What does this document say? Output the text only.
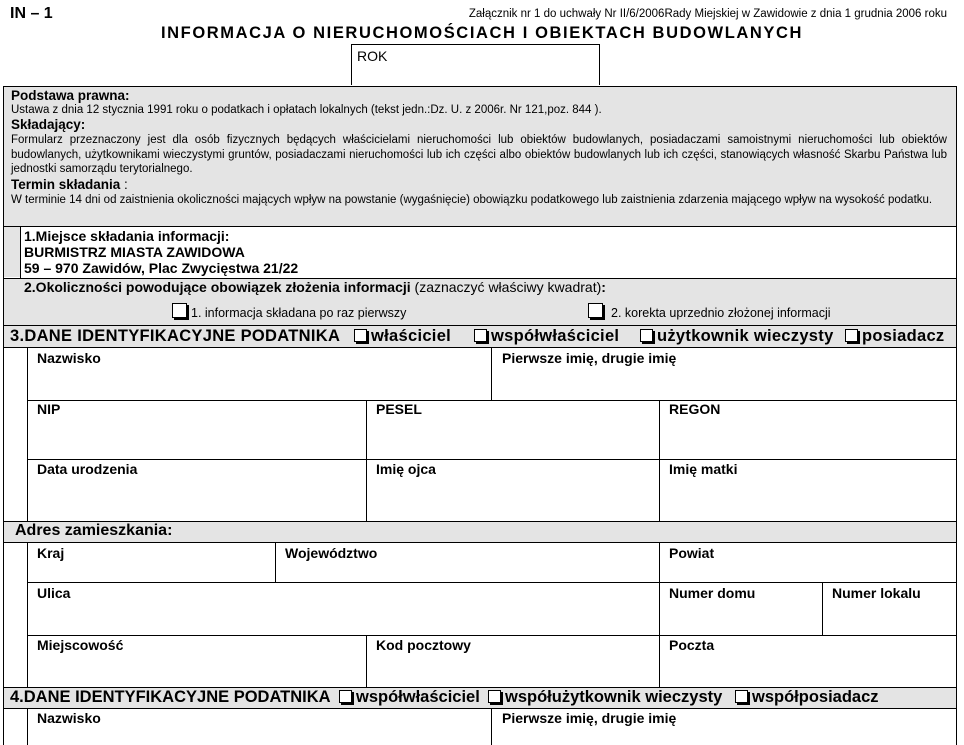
IN – 1	Załącznik nr 1 do uchwały Nr II/6/2006Rady Miejskiej w Zawidowie z dnia 1 grudnia 2006 roku
INFORMACJA O NIERUCHOMOŚCIACH I OBIEKTACH BUDOWLANYCH
ROK
Podstawa prawna:
Ustawa z dnia 12 stycznia 1991 roku o podatkach i opłatach lokalnych (tekst jedn.:Dz. U. z 2006r. Nr 121,poz. 844 ).
Składający:
Formularz przeznaczony jest dla osób fizycznych będących właścicielami nieruchomości lub obiektów budowlanych, posiadaczami samoistnymi nieruchomości lub obiektów budowlanych, użytkownikami wieczystymi gruntów, posiadaczami nieruchomości lub ich części albo obiektów budowlanych lub ich części, stanowiących własność Skarbu Państwa lub jednostki samorządu terytorialnego.
Termin składania :
W terminie 14 dni od zaistnienia okoliczności mających wpływ na powstanie (wygaśnięcie) obowiązku podatkowego lub zaistnienia zdarzenia mającego wpływ na wysokość podatku.
1.Miejsce składania informacji:
BURMISTRZ MIASTA ZAWIDOWA
59 – 970 Zawidów, Plac Zwycięstwa 21/22
2.Okoliczności powodujące obowiązek złożenia informacji (zaznaczyć właściwy kwadrat):
1. informacja składana po raz pierwszy	2. korekta uprzednio złożonej informacji
3.DANE IDENTYFIKACYJNE PODATNIKA	właściciel	współwłaściciel	użytkownik wieczysty	posiadacz
Nazwisko	Pierwsze imię, drugie imię
NIP	PESEL	REGON
Data urodzenia	Imię ojca	Imię matki
Adres zamieszkania:
Kraj	Województwo	Powiat
Ulica	Numer domu	Numer lokalu
Miejscowość	Kod pocztowy	Poczta
4.DANE IDENTYFIKACYJNE PODATNIKA	współwłaściciel	współużytkownik wieczysty	współposiadacz
Nazwisko	Pierwsze imię, drugie imię
